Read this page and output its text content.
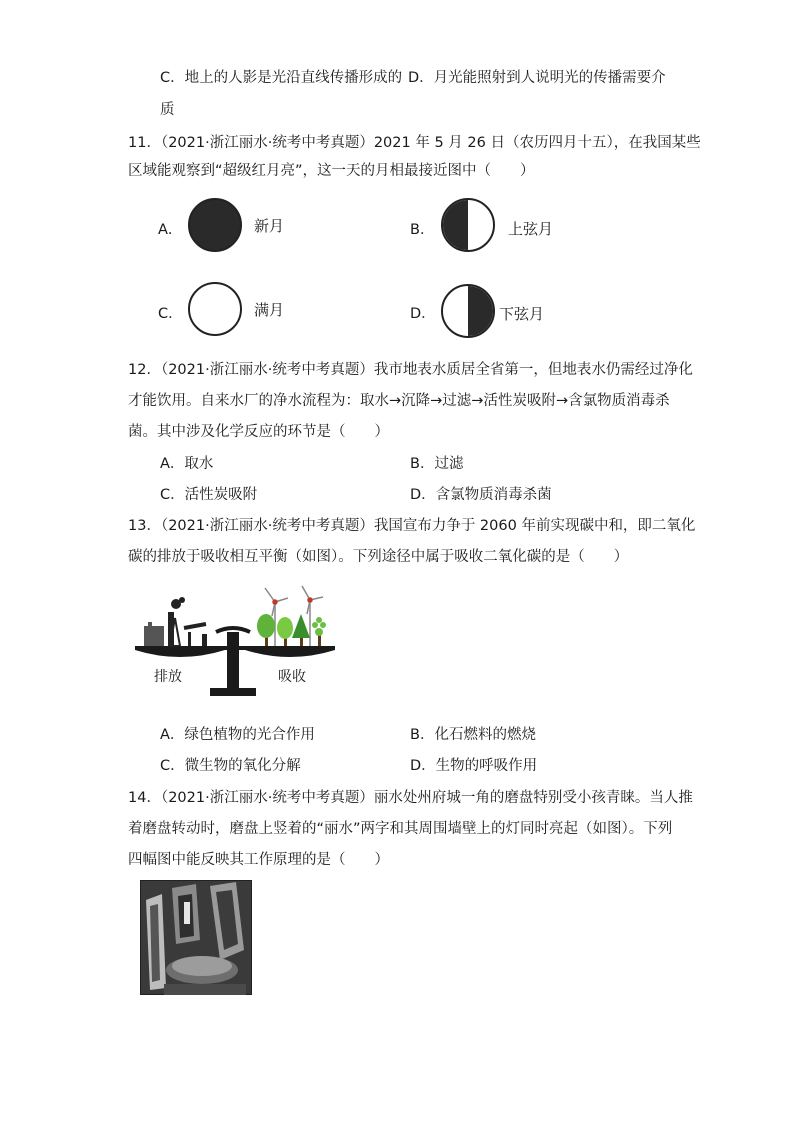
C．地上的人影是光沿直线传播形成的 D．月光能照射到人说明光的传播需要介
质
11．（2021·浙江丽水·统考中考真题）2021 年 5 月 26 日（农历四月十五），在我国某些
区域能观察到“超级红月亮”，这一天的月相最接近图中（　　）
A．	新月	B．	上弦月
C．	满月	D．	下弦月
12．（2021·浙江丽水·统考中考真题）我市地表水质居全省第一，但地表水仍需经过净化
才能饮用。自来水厂的净水流程为：取水→沉降→过滤→活性炭吸附→含氯物质消毒杀
菌。其中涉及化学反应的环节是（　　）
A．取水	B．过滤
C．活性炭吸附	D．含氯物质消毒杀菌
13．（2021·浙江丽水·统考中考真题）我国宣布力争于 2060 年前实现碳中和，即二氧化
碳的排放于吸收相互平衡（如图）。下列途径中属于吸收二氧化碳的是（　　）
排放	吸收
A．绿色植物的光合作用	B．化石燃料的燃烧
C．微生物的氧化分解	D．生物的呼吸作用
14．（2021·浙江丽水·统考中考真题）丽水处州府城一角的磨盘特别受小孩青睐。当人推
着磨盘转动时，磨盘上竖着的“丽水”两字和其周围墙壁上的灯同时亮起（如图）。下列
四幅图中能反映其工作原理的是（　　）
